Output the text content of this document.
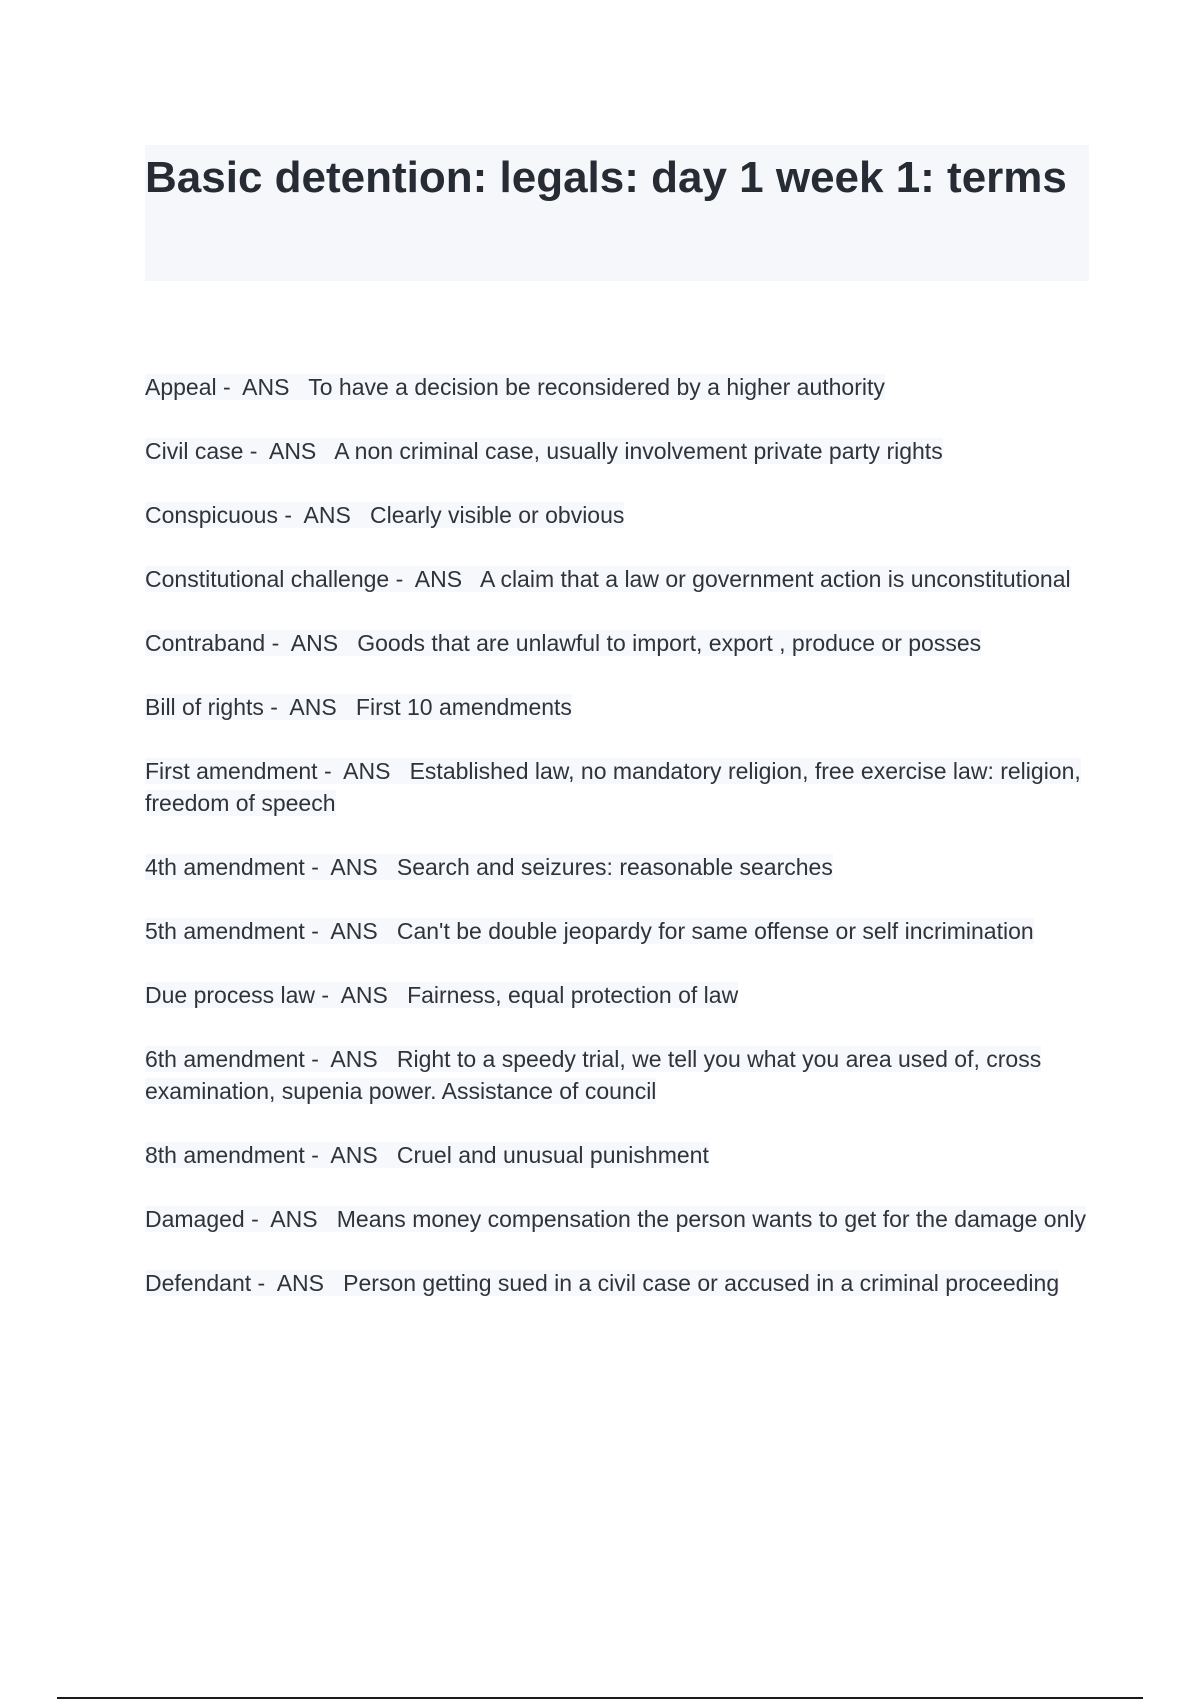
Basic detention: legals: day 1 week 1: terms

Appeal -  ANS   To have a decision be reconsidered by a higher authority

Civil case -  ANS   A non criminal case, usually involvement private party rights

Conspicuous -  ANS   Clearly visible or obvious

Constitutional challenge -  ANS   A claim that a law or government action is unconstitutional

Contraband -  ANS   Goods that are unlawful to import, export , produce or posses

Bill of rights -  ANS   First 10 amendments

First amendment -  ANS   Established law, no mandatory religion, free exercise law: religion, freedom of speech

4th amendment -  ANS   Search and seizures: reasonable searches

5th amendment -  ANS   Can't be double jeopardy for same offense or self incrimination

Due process law -  ANS   Fairness, equal protection of law

6th amendment -  ANS   Right to a speedy trial, we tell you what you area used of, cross examination, supenia power. Assistance of council

8th amendment -  ANS   Cruel and unusual punishment

Damaged -  ANS   Means money compensation the person wants to get for the damage only

Defendant -  ANS   Person getting sued in a civil case or accused in a criminal proceeding
